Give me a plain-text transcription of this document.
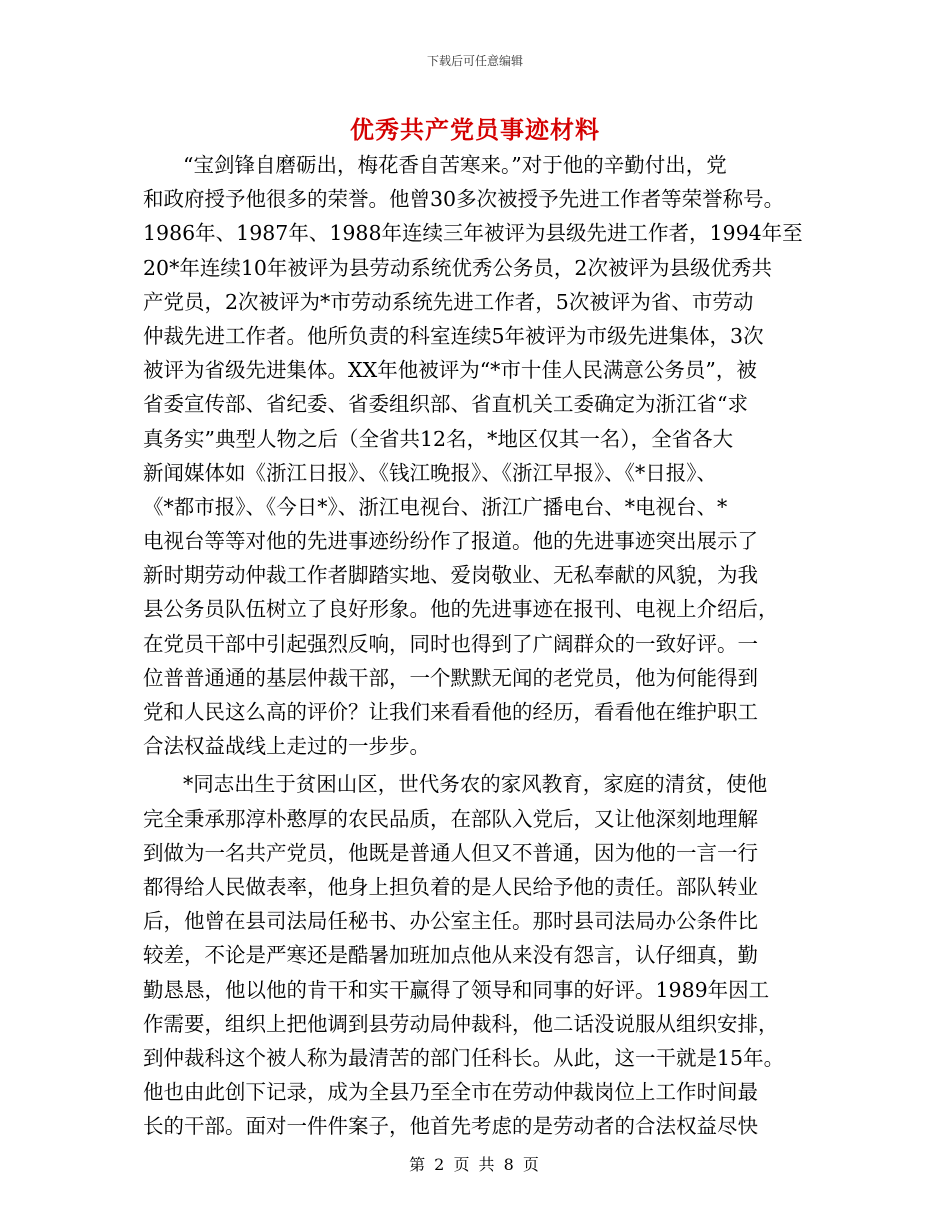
下载后可任意编辑
优秀共产党员事迹材料
“宝剑锋自磨砺出，梅花香自苦寒来。”对于他的辛勤付出，党
和政府授予他很多的荣誉。他曾30多次被授予先进工作者等荣誉称号。
1986年、1987年、1988年连续三年被评为县级先进工作者，1994年至
20*年连续10年被评为县劳动系统优秀公务员，2次被评为县级优秀共
产党员，2次被评为*市劳动系统先进工作者，5次被评为省、市劳动
仲裁先进工作者。他所负责的科室连续5年被评为市级先进集体，3次
被评为省级先进集体。XX年他被评为“*市十佳人民满意公务员”，被
省委宣传部、省纪委、省委组织部、省直机关工委确定为浙江省“求
真务实”典型人物之后（全省共12名，*地区仅其一名），全省各大
新闻媒体如《浙江日报》、《钱江晚报》、《浙江早报》、《*日报》、
《*都市报》、《今日*》、浙江电视台、浙江广播电台、*电视台、*
电视台等等对他的先进事迹纷纷作了报道。他的先进事迹突出展示了
新时期劳动仲裁工作者脚踏实地、爱岗敬业、无私奉献的风貌，为我
县公务员队伍树立了良好形象。他的先进事迹在报刊、电视上介绍后，
在党员干部中引起强烈反响，同时也得到了广阔群众的一致好评。一
位普普通通的基层仲裁干部，一个默默无闻的老党员，他为何能得到
党和人民这么高的评价？让我们来看看他的经历，看看他在维护职工
合法权益战线上走过的一步步。
*同志出生于贫困山区，世代务农的家风教育，家庭的清贫，使他
完全秉承那淳朴憨厚的农民品质，在部队入党后，又让他深刻地理解
到做为一名共产党员，他既是普通人但又不普通，因为他的一言一行
都得给人民做表率，他身上担负着的是人民给予他的责任。部队转业
后，他曾在县司法局任秘书、办公室主任。那时县司法局办公条件比
较差，不论是严寒还是酷暑加班加点他从来没有怨言，认仔细真，勤
勤恳恳，他以他的肯干和实干赢得了领导和同事的好评。1989年因工
作需要，组织上把他调到县劳动局仲裁科，他二话没说服从组织安排，
到仲裁科这个被人称为最清苦的部门任科长。从此，这一干就是15年。
他也由此创下记录，成为全县乃至全市在劳动仲裁岗位上工作时间最
长的干部。面对一件件案子，他首先考虑的是劳动者的合法权益尽快
第 2 页 共 8 页
